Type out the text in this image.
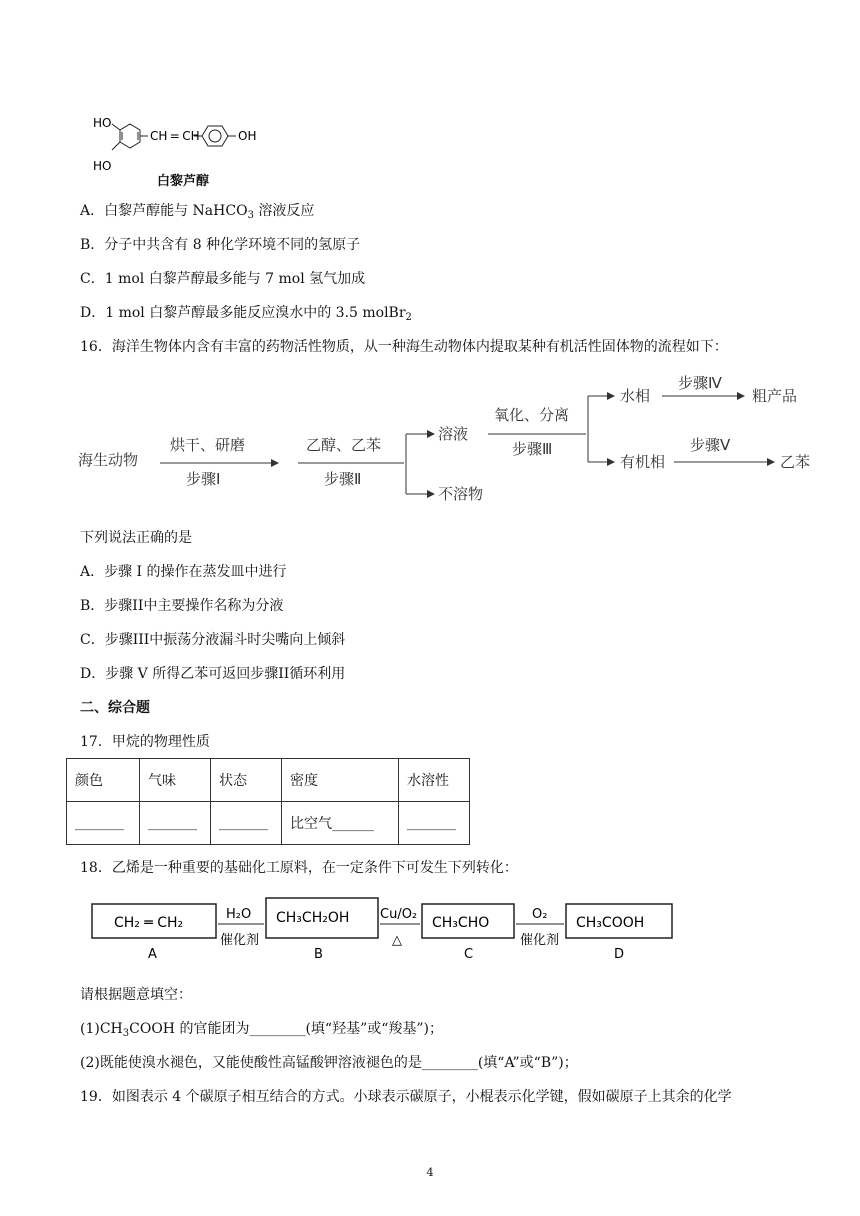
HO
HO
CH = CH	OH
白黎芦醇
A．白黎芦醇能与 NaHCO$_3$ 溶液反应
B．分子中共含有 8 种化学环境不同的氢原子
C．1 mol 白黎芦醇最多能与 7 mol 氢气加成
D．1 mol 白黎芦醇最多能反应溴水中的 3.5 molBr$_2$
16．海洋生物体内含有丰富的药物活性物质，从一种海生动物体内提取某种有机活性固体物的流程如下：
海生动物
烘干、研磨
步骤Ⅰ
乙醇、乙苯
步骤Ⅱ
溶液
不溶物
氧化、分离
步骤Ⅲ
水相
有机相
步骤Ⅳ
步骤Ⅴ
粗产品
乙苯
下列说法正确的是
A．步骤 I 的操作在蒸发皿中进行
B．步骤II中主要操作名称为分液
C．步骤III中振荡分液漏斗时尖嘴向上倾斜
D．步骤 V 所得乙苯可返回步骤II循环利用
二、综合题
17．甲烷的物理性质
颜色	气味	状态	密度	水溶性
_______	_______	_______	比空气______	_______
18．乙烯是一种重要的基础化工原料，在一定条件下可发生下列转化：
CH₂ ═ CH₂
A
H₂O
催化剂
CH₃CH₂OH
B
Cu/O₂
△
CH₃CHO
C
O₂
催化剂
CH₃COOH
D
请根据题意填空：
$(1)CH_3COOH$ 的官能团为________(填“羟基”或“羧基”)；
(2)既能使溴水褪色，又能使酸性高锰酸钾溶液褪色的是________(填“A”或“B”)；
19．如图表示 4 个碳原子相互结合的方式。小球表示碳原子，小棍表示化学键，假如碳原子上其余的化学
4
